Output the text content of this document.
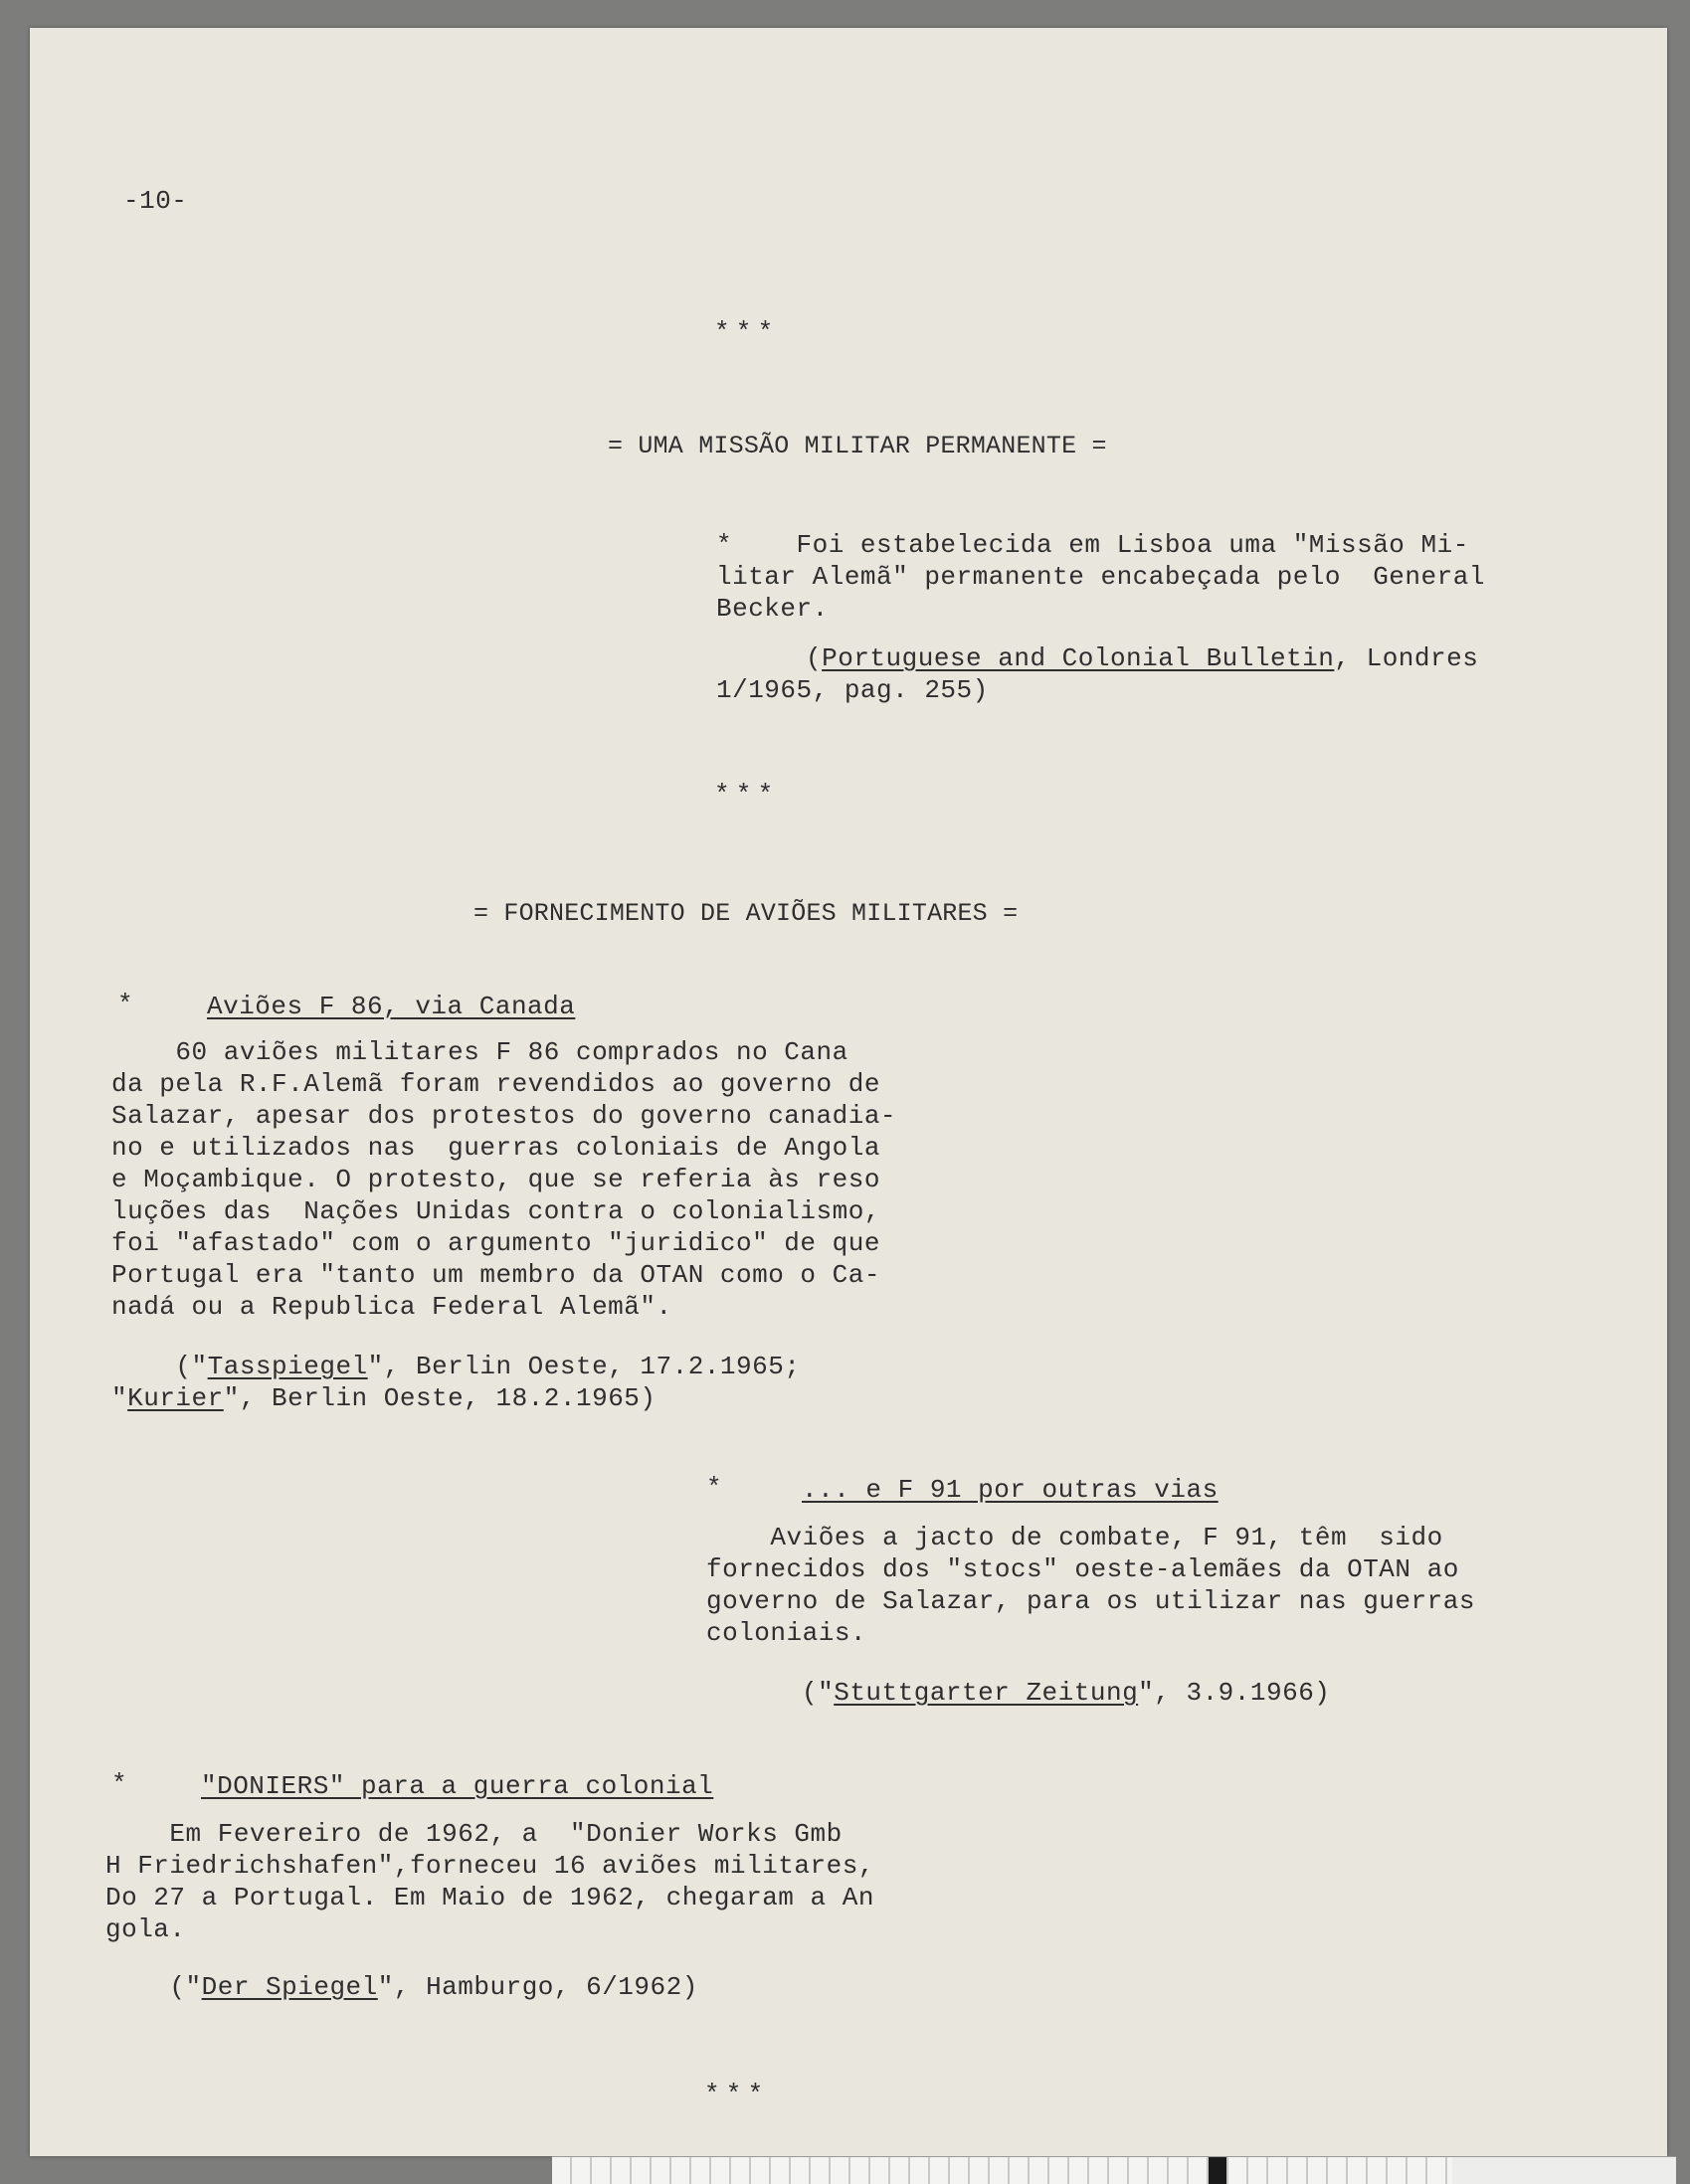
-10-
* * *
= UMA MISSÃO MILITAR PERMANENTE =
*    Foi estabelecida em Lisboa uma "Missão Mi-
litar Alemã" permanente encabeçada pelo  General
Becker.
(Portuguese and Colonial Bulletin, Londres
1/1965, pag. 255)
* * *
= FORNECIMENTO DE AVIÕES MILITARES =
*	Aviões F 86, via Canada
60 aviões militares F 86 comprados no Cana
da pela R.F.Alemã foram revendidos ao governo de
Salazar, apesar dos protestos do governo canadia-
no e utilizados nas  guerras coloniais de Angola
e Moçambique. O protesto, que se referia às reso
luções das  Nações Unidas contra o colonialismo,
foi "afastado" com o argumento "juridico" de que
Portugal era "tanto um membro da OTAN como o Ca-
nadá ou a Republica Federal Alemã".
("Tasspiegel", Berlin Oeste, 17.2.1965;
"Kurier", Berlin Oeste, 18.2.1965)
*	... e F 91 por outras vias
Aviões a jacto de combate, F 91, têm  sido
fornecidos dos "stocs" oeste-alemães da OTAN ao
governo de Salazar, para os utilizar nas guerras
coloniais.
("Stuttgarter Zeitung", 3.9.1966)
*	"DONIERS" para a guerra colonial
Em Fevereiro de 1962, a  "Donier Works Gmb
H Friedrichshafen",forneceu 16 aviões militares,
Do 27 a Portugal. Em Maio de 1962, chegaram a An
gola.
("Der Spiegel", Hamburgo, 6/1962)
* * *
